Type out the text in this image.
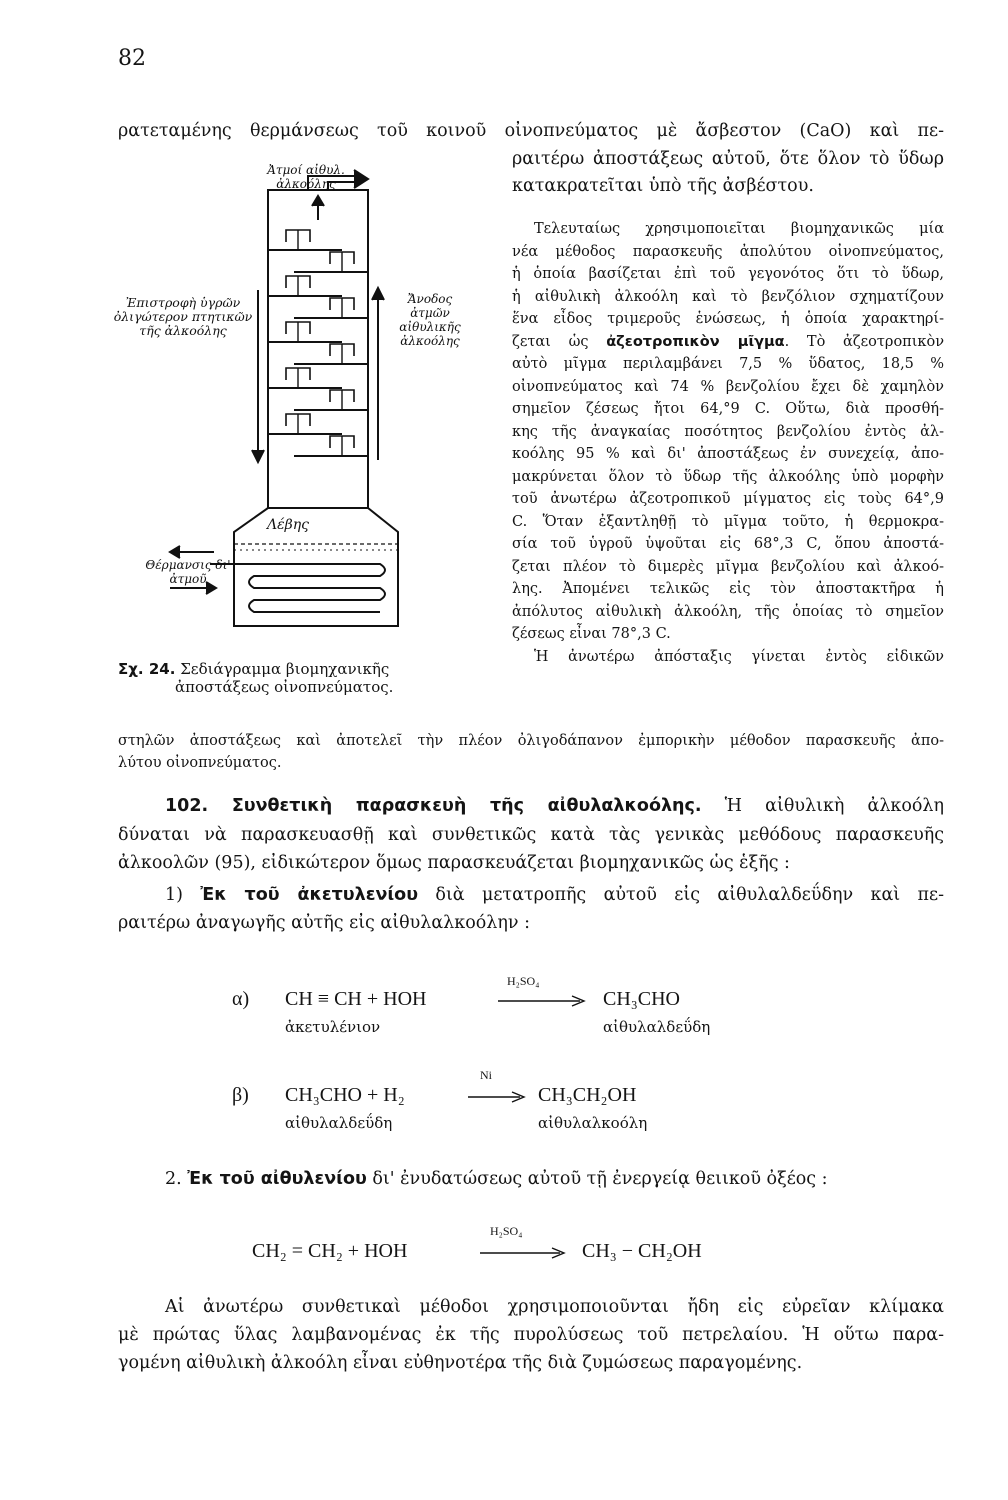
82

ρατεταμένης θερμάνσεως τοῦ κοινοῦ οἰνοπνεύματος μὲ ἄσβεστον (CaO) καὶ πε-

ραιτέρω ἀποστάξεως αὐτοῦ, ὅτε ὅλον τὸ ὕδωρ

κατακρατεῖται ὑπὸ τῆς ἀσβέστου.

Τελευταίως χρησιμοποιεῖται βιομηχανικῶς μία

νέα μέθοδος παρασκευῆς ἀπολύτου οἰνοπνεύματος,

ἡ ὁποία βασίζεται ἐπὶ τοῦ γεγονότος ὅτι τὸ ὕδωρ,

ἡ αἰθυλικὴ ἀλκοόλη καὶ τὸ βενζόλιον σχηματίζουν

ἕνα εἶδος τριμεροῦς ἑνώσεως, ἡ ὁποία χαρακτηρί-

ζεται ὡς ἀζεοτροπικὸν μῖγμα. Τὸ ἀζεοτροπικὸν

αὐτὸ μῖγμα περιλαμβάνει 7,5 % ὕδατος, 18,5 %

οἰνοπνεύματος καὶ 74 % βενζολίου ἔχει δὲ χαμηλὸν

σημεῖον ζέσεως ἤτοι 64,°9 C. Οὕτω, διὰ προσθή-

κης τῆς ἀναγκαίας ποσότητος βενζολίου ἐντὸς ἀλ-

κοόλης 95 % καὶ δι' ἀποστάξεως ἐν συνεχείᾳ, ἀπο-

μακρύνεται ὅλον τὸ ὕδωρ τῆς ἀλκοόλης ὑπὸ μορφὴν

τοῦ ἀνωτέρω ἀζεοτροπικοῦ μίγματος εἰς τοὺς 64°,9

C. Ὅταν ἐξαντληθῇ τὸ μῖγμα τοῦτο, ἡ θερμοκρα-

σία τοῦ ὑγροῦ ὑψοῦται εἰς 68°,3 C, ὅπου ἀποστά-

ζεται πλέον τὸ διμερὲς μῖγμα βενζολίου καὶ ἀλκοό-

λης. Ἀπομένει τελικῶς εἰς τὸν ἀποστακτῆρα ἡ

ἀπόλυτος αἰθυλικὴ ἀλκοόλη, τῆς ὁποίας τὸ σημεῖον

ζέσεως εἶναι 78°,3 C.

Ἡ ἀνωτέρω ἀπόσταξις γίνεται ἐντὸς εἰδικῶν

Ἀτμοί αἰθυλ. ἀλκοόλης
Ἐπιστροφὴ ὑγρῶν ὀλιγώτερον πτητικῶν τῆς ἀλκοόλης
Ἄνοδος ἀτμῶν αἰθυλικῆς ἀλκοόλης
Λέβης
Θέρμανσις δι' ἀτμοῦ
Σχ. 24. Σεδιάγραμμα βιομηχανικῆς
ἀποστάξεως οἰνοπνεύματος.

στηλῶν ἀποστάξεως καὶ ἀποτελεῖ τὴν πλέον ὀλιγοδάπανον ἐμπορικὴν μέθοδον παρασκευῆς ἀπο-

λύτου οἰνοπνεύματος.

102. Συνθετικὴ παρασκευὴ τῆς αἰθυλαλκοόλης. Ἡ αἰθυλικὴ ἀλκοόλη

δύναται νὰ παρασκευασθῇ καὶ συνθετικῶς κατὰ τὰς γενικὰς μεθόδους παρασκευῆς

ἀλκοολῶν (95), εἰδικώτερον ὅμως παρασκευάζεται βιομηχανικῶς ὡς ἑξῆς :

1) Ἐκ τοῦ ἀκετυλενίου διὰ μετατροπῆς αὐτοῦ εἰς αἰθυλαλδεΰδην καὶ πε-

ραιτέρω ἀναγωγῆς αὐτῆς εἰς αἰθυλαλκοόλην :

α) CH ≡ CH + HOH
H₂SO₄
CH₃CHO
ἀκετυλένιον	αἰθυλαλδεΰδη
β) CH₃CHO + H₂
Ni
CH₃CH₂OH
αἰθυλαλδεΰδη	αἰθυλαλκοόλη

2. Ἐκ τοῦ αἰθυλενίου δι' ἐνυδατώσεως αὐτοῦ τῇ ἐνεργείᾳ θειικοῦ ὀξέος :

CH₂ = CH₂ + HOH
H₂SO₄
CH₃ − CH₂OH

Αἱ ἀνωτέρω συνθετικαὶ μέθοδοι χρησιμοποιοῦνται ἤδη εἰς εὐρεῖαν κλίμακα

μὲ πρώτας ὕλας λαμβανομένας ἐκ τῆς πυρολύσεως τοῦ πετρελαίου. Ἡ οὕτω παρα-

γομένη αἰθυλικὴ ἀλκοόλη εἶναι εὐθηνοτέρα τῆς διὰ ζυμώσεως παραγομένης.
